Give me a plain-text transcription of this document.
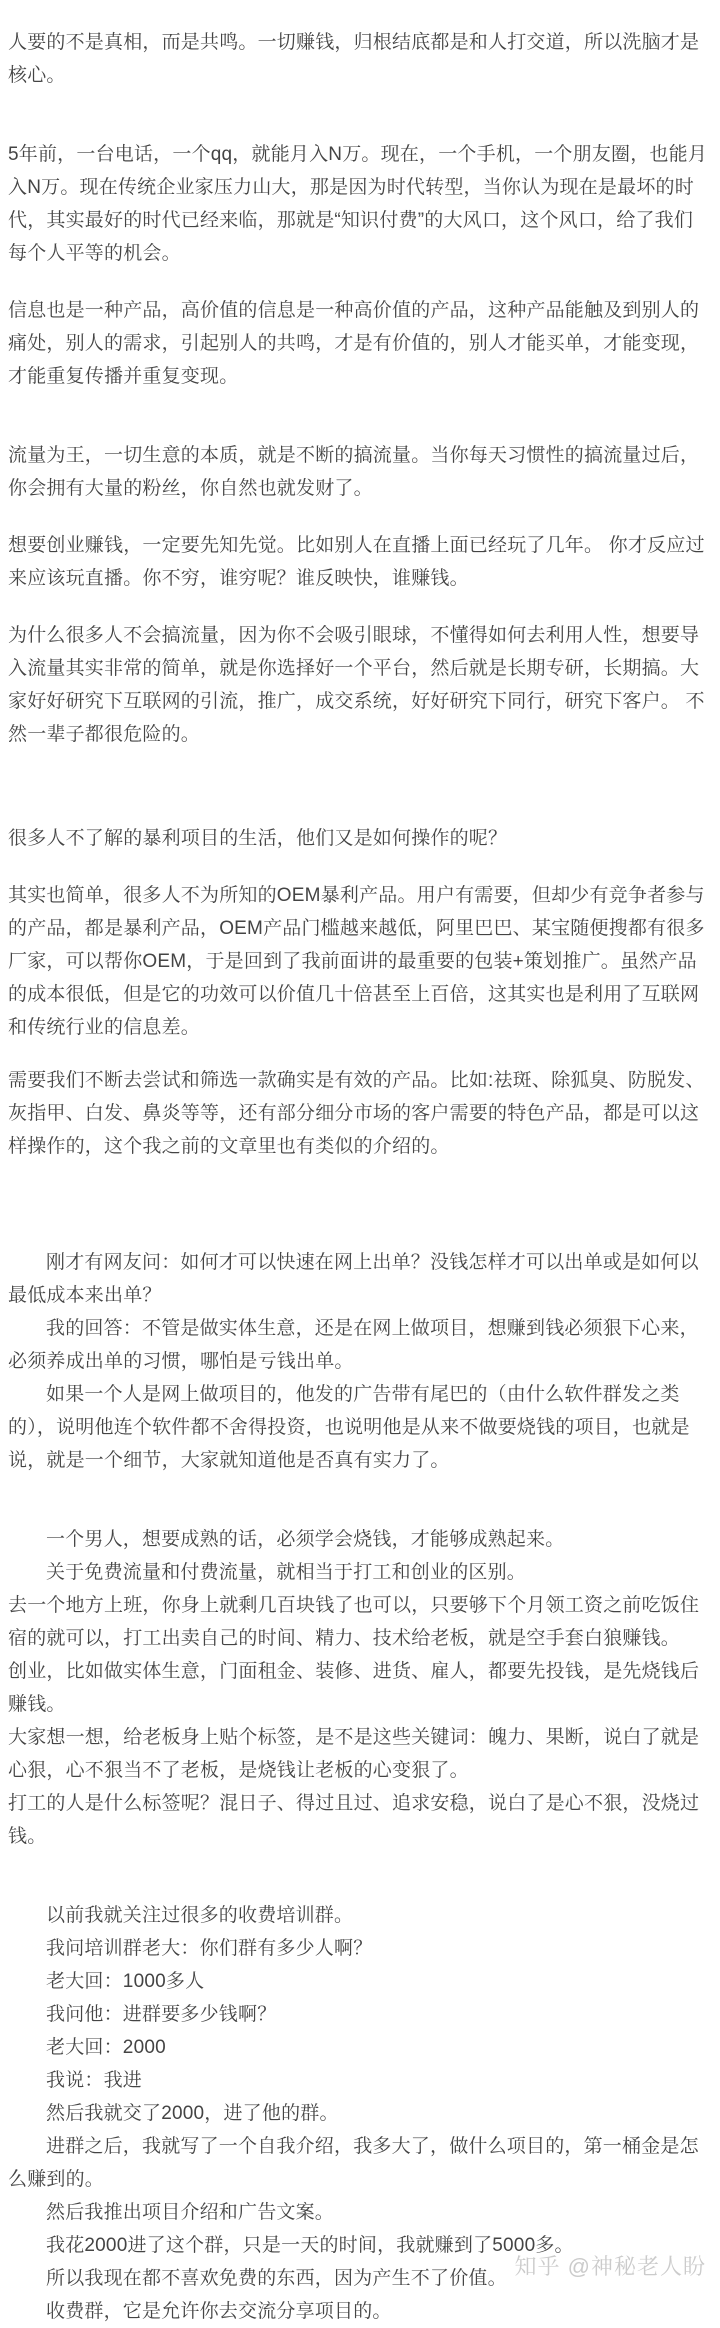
人要的不是真相，而是共鸣。一切赚钱，归根结底都是和人打交道，所以洗脑才是核心。

5年前，一台电话，一个qq，就能月入N万。现在，一个手机，一个朋友圈，也能月入N万。现在传统企业家压力山大，那是因为时代转型，当你认为现在是最坏的时代，其实最好的时代已经来临，那就是“知识付费”的大风口，这个风口，给了我们每个人平等的机会。

信息也是一种产品，高价值的信息是一种高价值的产品，这种产品能触及到别人的痛处，别人的需求，引起别人的共鸣，才是有价值的，别人才能买单，才能变现，才能重复传播并重复变现。

流量为王，一切生意的本质，就是不断的搞流量。当你每天习惯性的搞流量过后，你会拥有大量的粉丝，你自然也就发财了。

想要创业赚钱，一定要先知先觉。比如别人在直播上面已经玩了几年。 你才反应过 来应该玩直播。你不穷，谁穷呢？谁反映快，谁赚钱。

为什么很多人不会搞流量，因为你不会吸引眼球，不懂得如何去利用人性，想要导入流量其实非常的简单，就是你选择好一个平台，然后就是长期专研，长期搞。大家好好研究下互联网的引流，推广，成交系统，好好研究下同行，研究下客户。 不然一辈子都很危险的。

很多人不了解的暴利项目的生活，他们又是如何操作的呢？

其实也简单，很多人不为所知的OEM暴利产品。用户有需要，但却少有竞争者参与的产品，都是暴利产品，OEM产品门槛越来越低，阿里巴巴、某宝随便搜都有很多厂家，可以帮你OEM，于是回到了我前面讲的最重要的包装+策划推广。虽然产品的成本很低，但是它的功效可以价值几十倍甚至上百倍，这其实也是利用了互联网和传统行业的信息差。

需要我们不断去尝试和筛选一款确实是有效的产品。比如:祛斑、除狐臭、防脱发、灰指甲、白发、鼻炎等等，还有部分细分市场的客户需要的特色产品，都是可以这样操作的，这个我之前的文章里也有类似的介绍的。

刚才有网友问：如何才可以快速在网上出单？没钱怎样才可以出单或是如何以最低成本来出单？

我的回答：不管是做实体生意，还是在网上做项目，想赚到钱必须狠下心来，必须养成出单的习惯，哪怕是亏钱出单。

如果一个人是网上做项目的，他发的广告带有尾巴的（由什么软件群发之类的），说明他连个软件都不舍得投资，也说明他是从来不做要烧钱的项目，也就是说，就是一个细节，大家就知道他是否真有实力了。

一个男人，想要成熟的话，必须学会烧钱，才能够成熟起来。

关于免费流量和付费流量，就相当于打工和创业的区别。

去一个地方上班，你身上就剩几百块钱了也可以，只要够下个月领工资之前吃饭住宿的就可以，打工出卖自己的时间、精力、技术给老板，就是空手套白狼赚钱。

创业，比如做实体生意，门面租金、装修、进货、雇人，都要先投钱，是先烧钱后赚钱。

大家想一想，给老板身上贴个标签，是不是这些关键词：魄力、果断，说白了就是心狠，心不狠当不了老板，是烧钱让老板的心变狠了。

打工的人是什么标签呢？混日子、得过且过、追求安稳，说白了是心不狠，没烧过钱。

以前我就关注过很多的收费培训群。

我问培训群老大：你们群有多少人啊？

老大回：1000多人

我问他：进群要多少钱啊？

老大回：2000

我说：我进

然后我就交了2000，进了他的群。

进群之后，我就写了一个自我介绍，我多大了，做什么项目的，第一桶金是怎么赚到的。

然后我推出项目介绍和广告文案。

我花2000进了这个群，只是一天的时间，我就赚到了5000多。

所以我现在都不喜欢免费的东西，因为产生不了价值。

收费群，它是允许你去交流分享项目的。

知乎 @神秘老人盼
